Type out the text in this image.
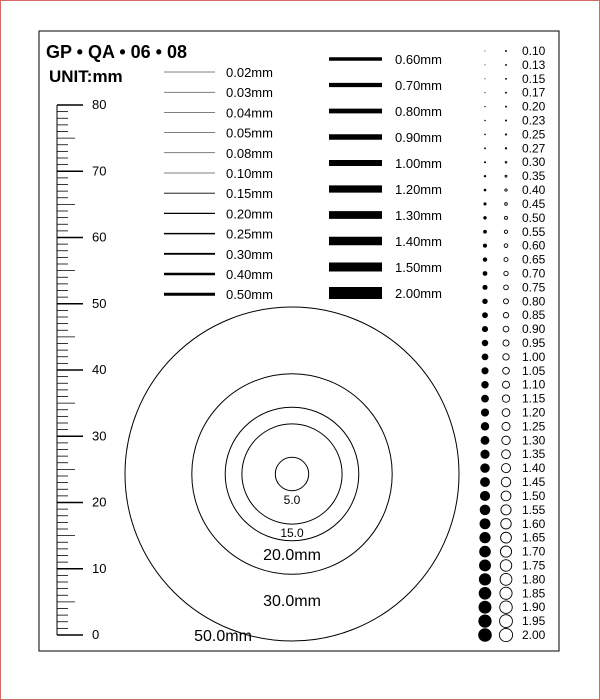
GP • QA • 06 • 08
UNIT:mm
0
10
20
30
40
50
60
70
80
0.02mm
0.03mm
0.04mm
0.05mm
0.08mm
0.10mm
0.15mm
0.20mm
0.25mm
0.30mm
0.40mm
0.50mm
0.60mm
0.70mm
0.80mm
0.90mm
1.00mm
1.20mm
1.30mm
1.40mm
1.50mm
2.00mm
0.10
0.13
0.15
0.17
0.20
0.23
0.25
0.27
0.30
0.35
0.40
0.45
0.50
0.55
0.60
0.65
0.70
0.75
0.80
0.85
0.90
0.95
1.00
1.05
1.10
1.15
1.20
1.25
1.30
1.35
1.40
1.45
1.50
1.55
1.60
1.65
1.70
1.75
1.80
1.85
1.90
1.95
2.00
5.0
15.0
20.0mm
30.0mm
50.0mm
